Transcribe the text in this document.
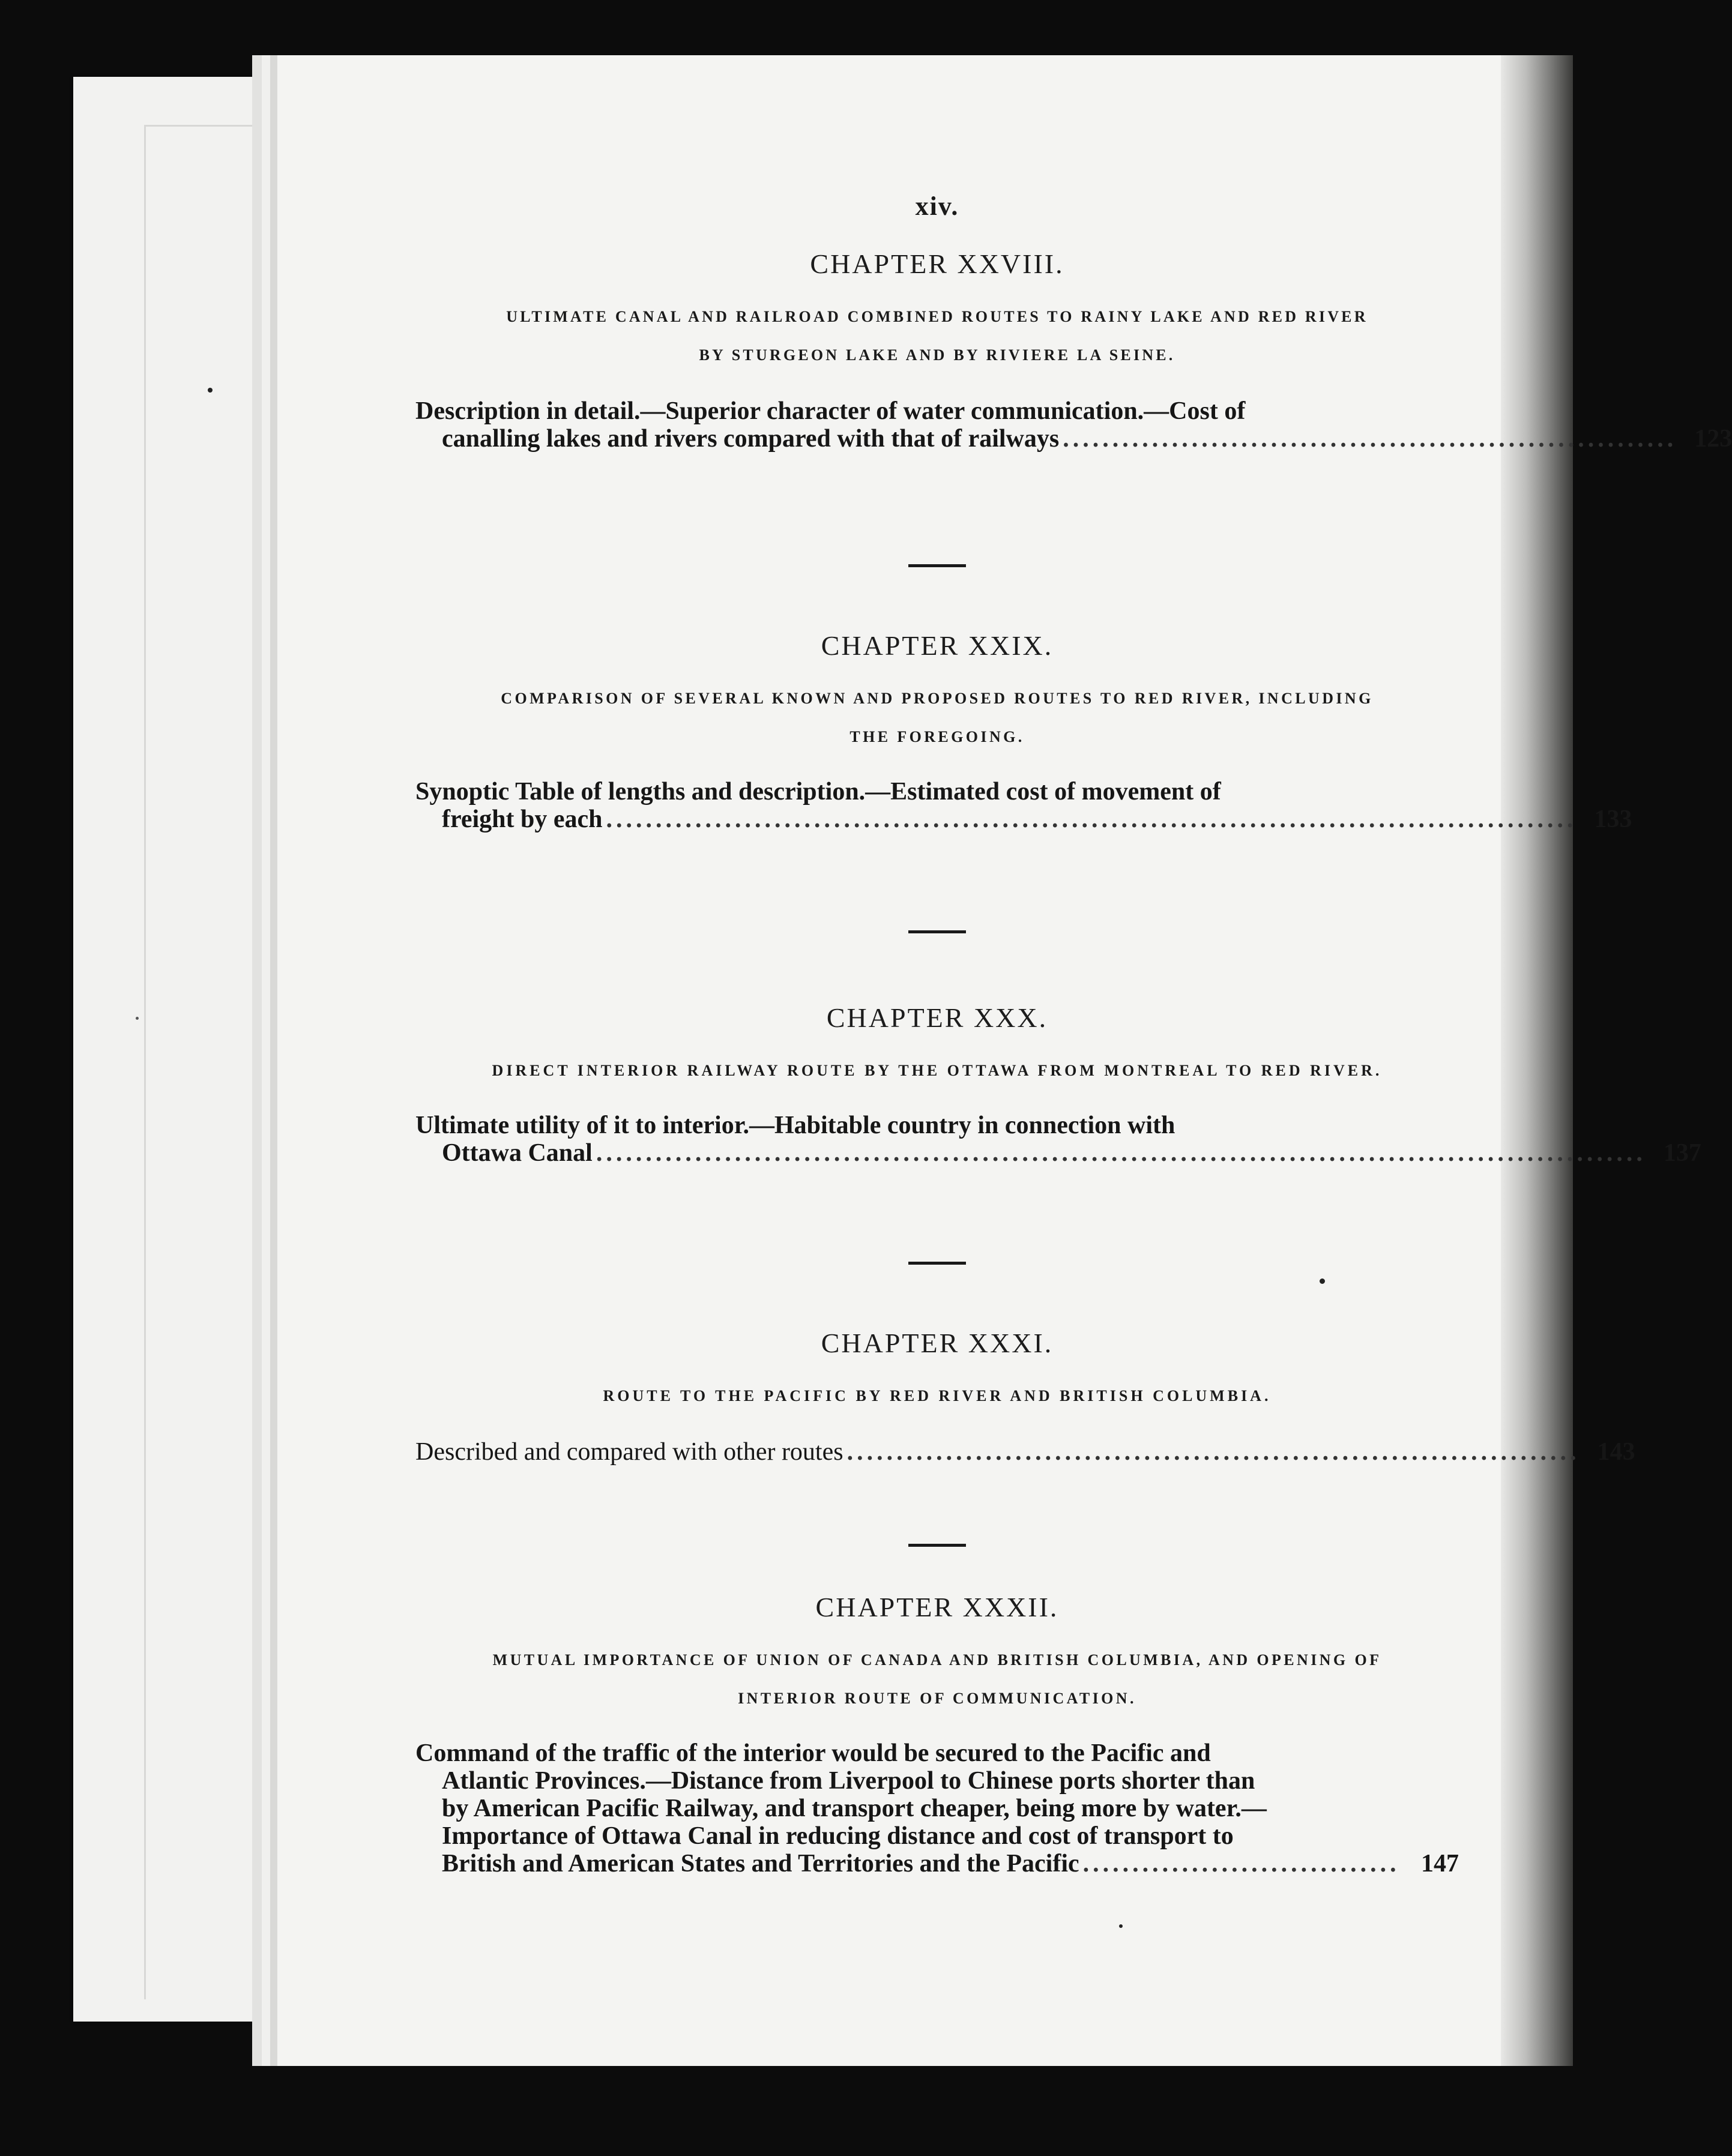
xiv.

CHAPTER XXVIII.

ULTIMATE CANAL AND RAILROAD COMBINED ROUTES TO RAINY LAKE AND RED RIVER
BY STURGEON LAKE AND BY RIVIERE LA SEINE.
Description in detail.—Superior character of water communication.—Cost of
canalling lakes and rivers compared with that of railways .............................................................. 123

CHAPTER XXIX.

COMPARISON OF SEVERAL KNOWN AND PROPOSED ROUTES TO RED RIVER, INCLUDING
THE FOREGOING.
Synoptic Table of lengths and description.—Estimated cost of movement of
freight by each .................................................................................................. 133

CHAPTER XXX.

DIRECT INTERIOR RAILWAY ROUTE BY THE OTTAWA FROM MONTREAL TO RED RIVER.
Ultimate utility of it to interior.—Habitable country in connection with
Ottawa Canal .......................................................................................................... 137

CHAPTER XXXI.

ROUTE TO THE PACIFIC BY RED RIVER AND BRITISH COLUMBIA.
Described and compared with other routes .......................................................................... 143

CHAPTER XXXII.

MUTUAL IMPORTANCE OF UNION OF CANADA AND BRITISH COLUMBIA, AND OPENING OF
INTERIOR ROUTE OF COMMUNICATION.
Command of the traffic of the interior would be secured to the Pacific and
Atlantic Provinces.—Distance from Liverpool to Chinese ports shorter than
by American Pacific Railway, and transport cheaper, being more by water.—
Importance of Ottawa Canal in reducing distance and cost of transport to
British and American States and Territories and the Pacific ................................ 147
